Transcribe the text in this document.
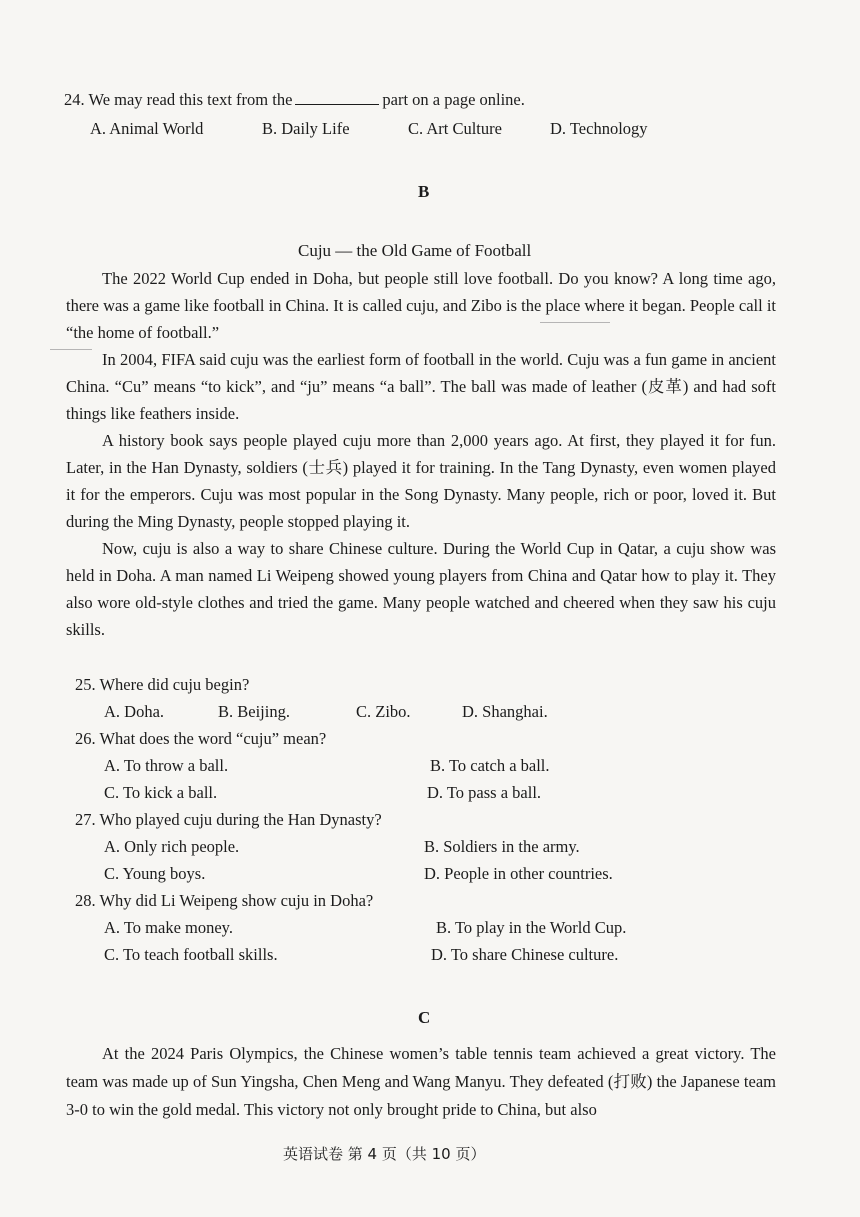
24. We may read this text from the	part on a page online.
A. Animal World	B. Daily Life	C. Art Culture	D. Technology
B
Cuju — the Old Game of Football
The 2022 World Cup ended in Doha, but people still love football. Do you know? A long time ago, there was a game like football in China. It is called cuju, and Zibo is the place where it began. People call it “the home of football.”
In 2004, FIFA said cuju was the earliest form of football in the world. Cuju was a fun game in ancient China. “Cu” means “to kick”, and “ju” means “a ball”. The ball was made of leather (皮革) and had soft things like feathers inside.
A history book says people played cuju more than 2,000 years ago. At first, they played it for fun. Later, in the Han Dynasty, soldiers (士兵) played it for training. In the Tang Dynasty, even women played it for the emperors. Cuju was most popular in the Song Dynasty. Many people, rich or poor, loved it. But during the Ming Dynasty, people stopped playing it.
Now, cuju is also a way to share Chinese culture. During the World Cup in Qatar, a cuju show was held in Doha. A man named Li Weipeng showed young players from China and Qatar how to play it. They also wore old-style clothes and tried the game. Many people watched and cheered when they saw his cuju skills.
25. Where did cuju begin?
A. Doha.	B. Beijing.	C. Zibo.	D. Shanghai.
26. What does the word “cuju” mean?
A. To throw a ball.	B. To catch a ball.
C. To kick a ball.	D. To pass a ball.
27. Who played cuju during the Han Dynasty?
A. Only rich people.	B. Soldiers in the army.
C. Young boys.	D. People in other countries.
28. Why did Li Weipeng show cuju in Doha?
A. To make money.	B. To play in the World Cup.
C. To teach football skills.	D. To share Chinese culture.
C
At the 2024 Paris Olympics, the Chinese women’s table tennis team achieved a great victory. The team was made up of Sun Yingsha, Chen Meng and Wang Manyu. They defeated (打败) the Japanese team 3-0 to win the gold medal. This victory not only brought pride to China, but also
英语试卷 第 4 页（共 10 页）
